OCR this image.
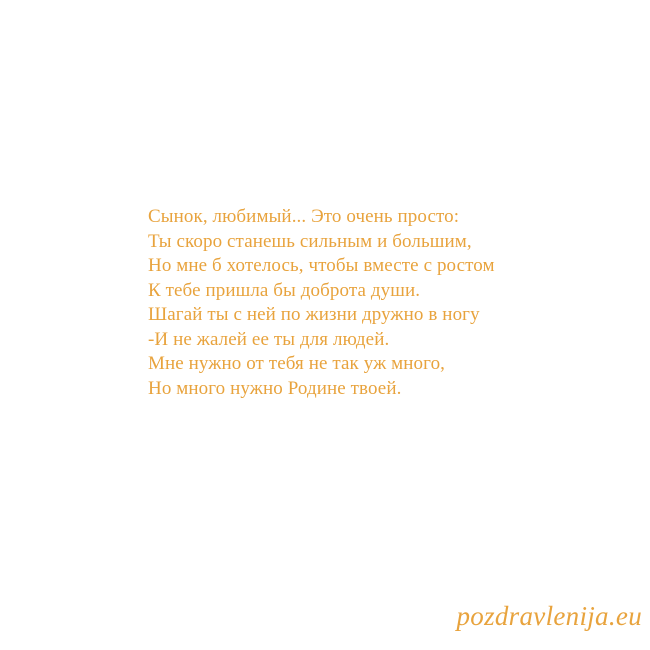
Сынок, любимый... Это очень просто:
Ты скоро станешь сильным и большим,
Но мне б хотелось, чтобы вместе с ростом
К тебе пришла бы доброта души.
Шагай ты с ней по жизни дружно в ногу
-И не жалей ее ты для людей.
Мне нужно от тебя не так уж много,
Но много нужно Родине твоей.
pozdravlenija.eu
